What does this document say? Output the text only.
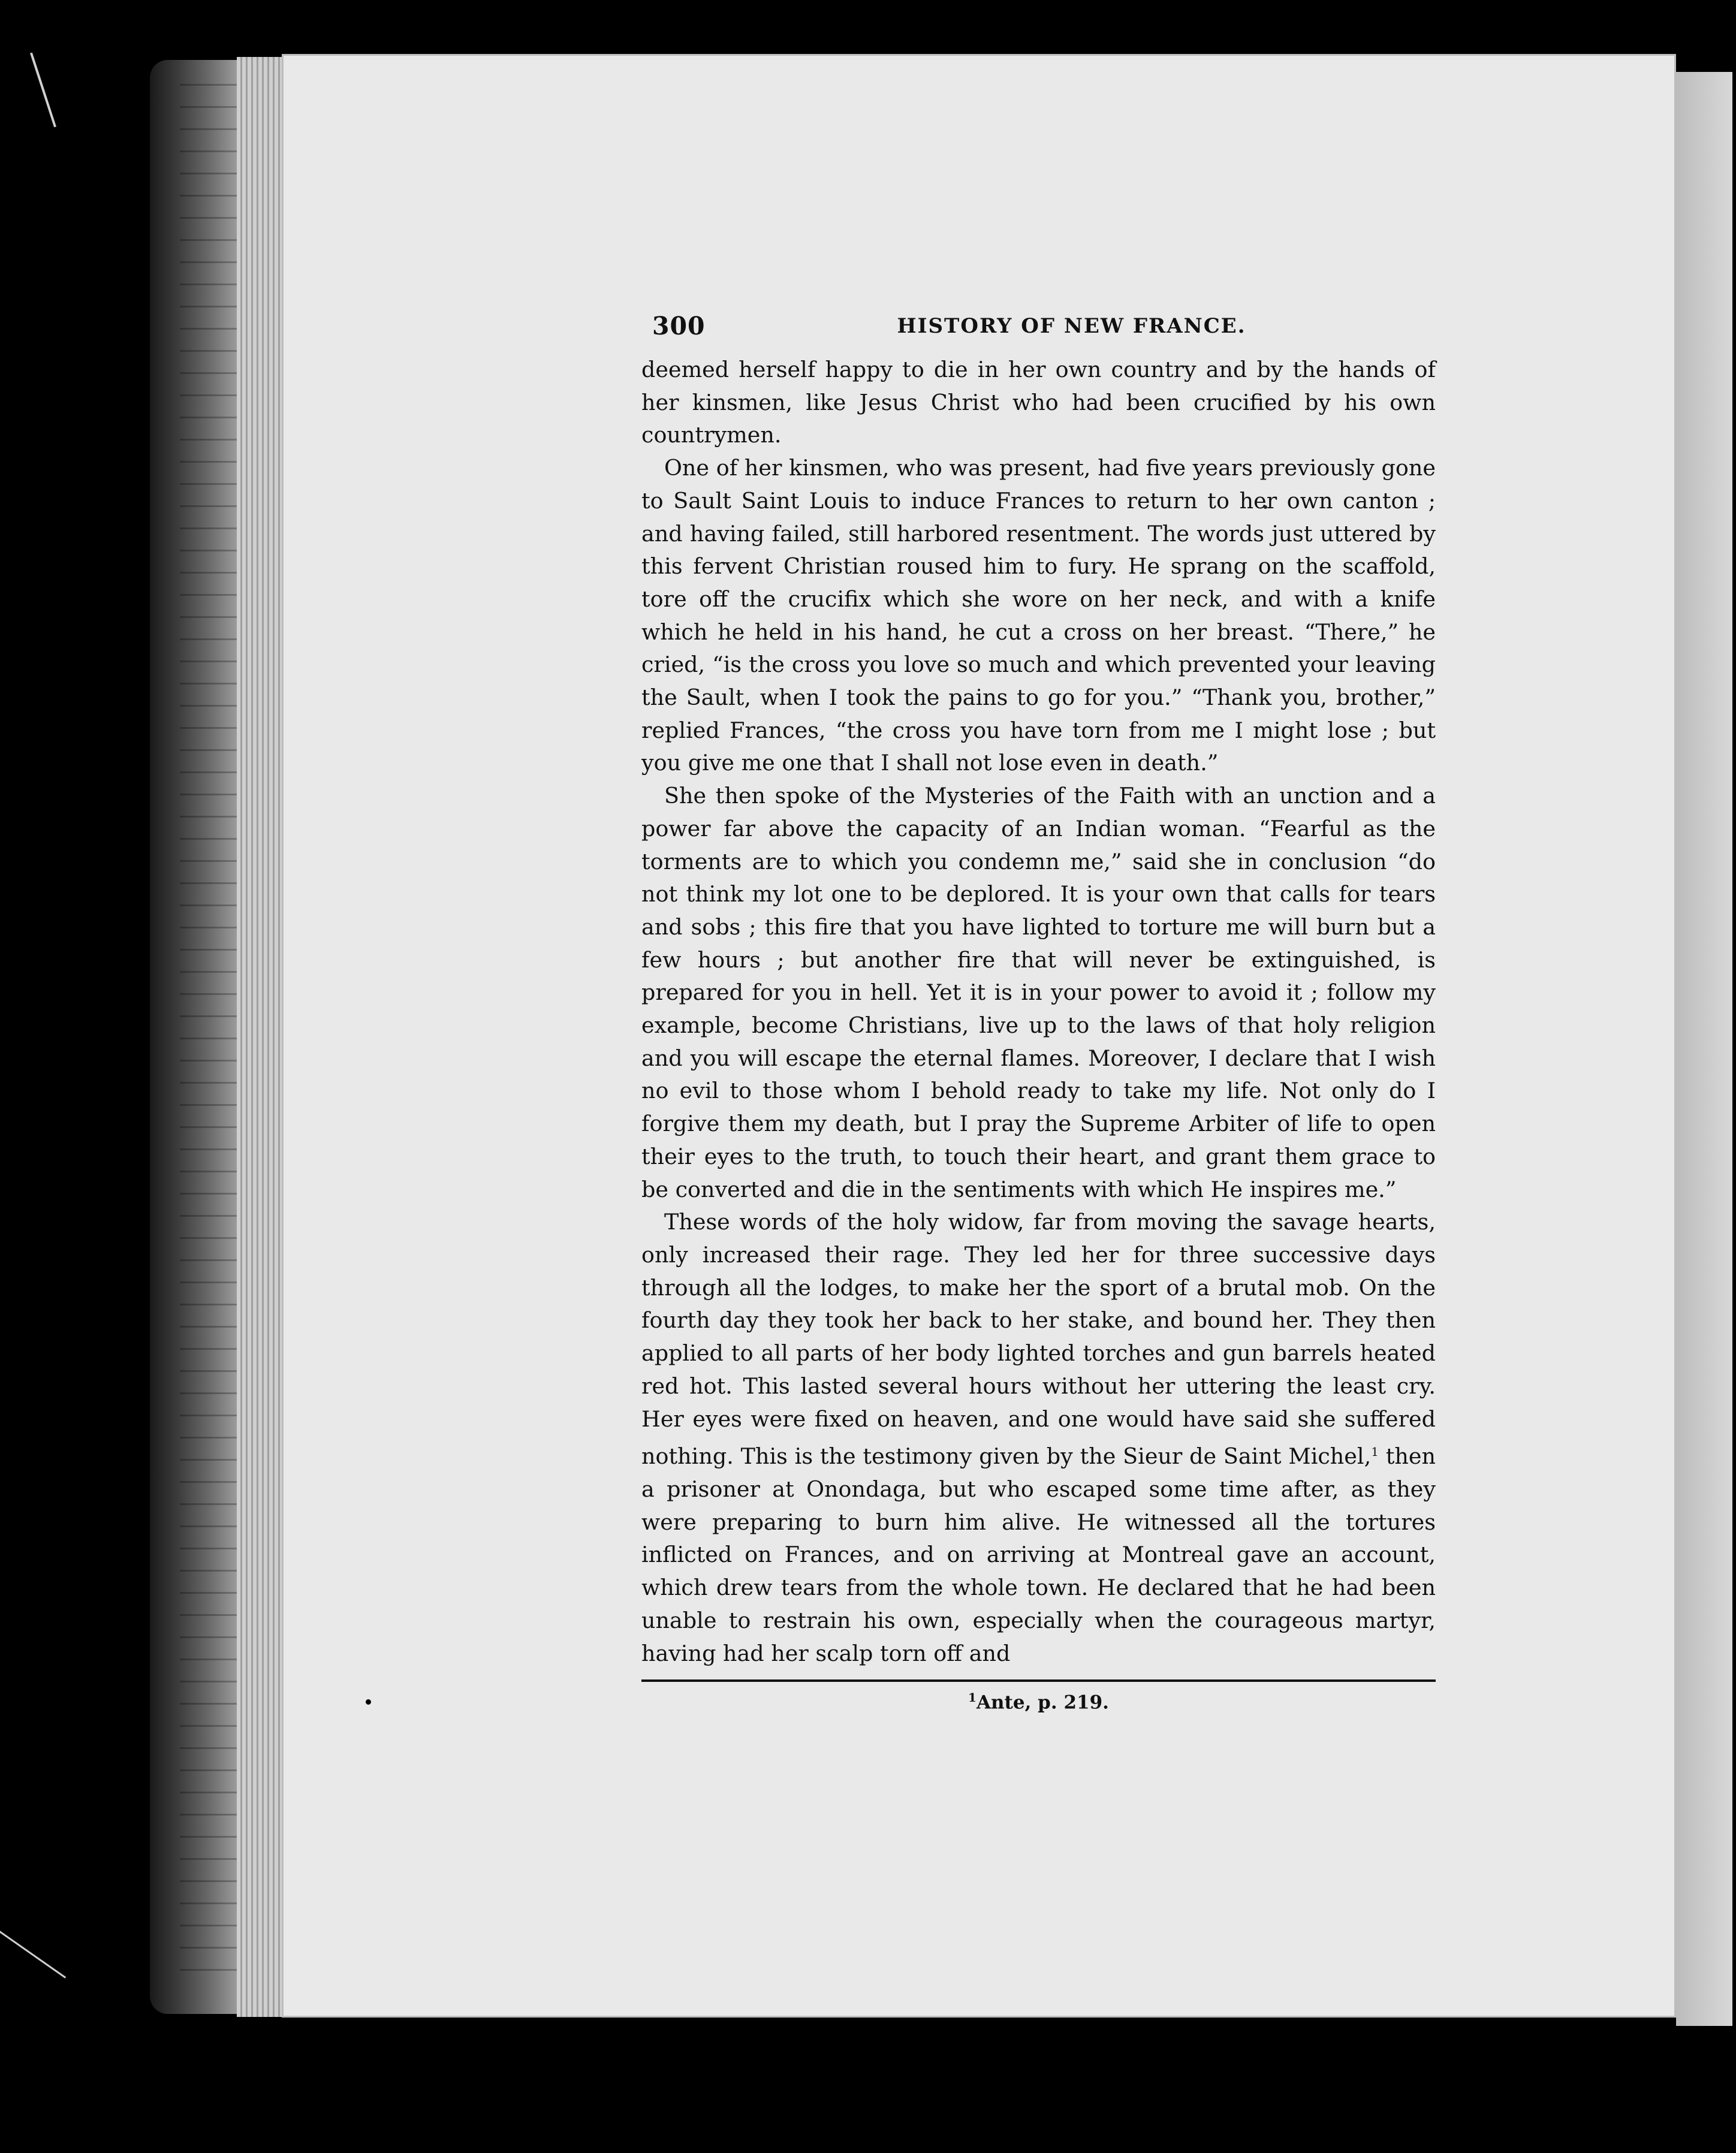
300	HISTORY OF NEW FRANCE.

deemed herself happy to die in her own country and by the hands of her kinsmen, like Jesus Christ who had been crucified by his own countrymen.

One of her kinsmen, who was present, had five years previously gone to Sault Saint Louis to induce Frances to return to her own canton ; and having failed, still harbored resentment. The words just uttered by this fervent Christian roused him to fury. He sprang on the scaffold, tore off the crucifix which she wore on her neck, and with a knife which he held in his hand, he cut a cross on her breast. “There,” he cried, “is the cross you love so much and which prevented your leaving the Sault, when I took the pains to go for you.” “Thank you, brother,” replied Frances, “the cross you have torn from me I might lose ; but you give me one that I shall not lose even in death.”

She then spoke of the Mysteries of the Faith with an unction and a power far above the capacity of an Indian woman. “Fearful as the torments are to which you condemn me,” said she in conclusion “do not think my lot one to be deplored. It is your own that calls for tears and sobs ; this fire that you have lighted to torture me will burn but a few hours ; but another fire that will never be extinguished, is prepared for you in hell. Yet it is in your power to avoid it ; follow my example, become Christians, live up to the laws of that holy religion and you will escape the eternal flames. Moreover, I declare that I wish no evil to those whom I behold ready to take my life. Not only do I forgive them my death, but I pray the Supreme Arbiter of life to open their eyes to the truth, to touch their heart, and grant them grace to be converted and die in the sentiments with which He inspires me.”

These words of the holy widow, far from moving the savage hearts, only increased their rage. They led her for three successive days through all the lodges, to make her the sport of a brutal mob. On the fourth day they took her back to her stake, and bound her. They then applied to all parts of her body lighted torches and gun barrels heated red hot. This lasted several hours without her uttering the least cry. Her eyes were fixed on heaven, and one would have said she suffered nothing. This is the testimony given by the Sieur de Saint Michel,$^1$ then a prisoner at Onondaga, but who escaped some time after, as they were preparing to burn him alive. He witnessed all the tortures inflicted on Frances, and on arriving at Montreal gave an account, which drew tears from the whole town. He declared that he had been unable to restrain his own, especially when the courageous martyr, having had her scalp torn off and

$^1$Ante, p. 219.
